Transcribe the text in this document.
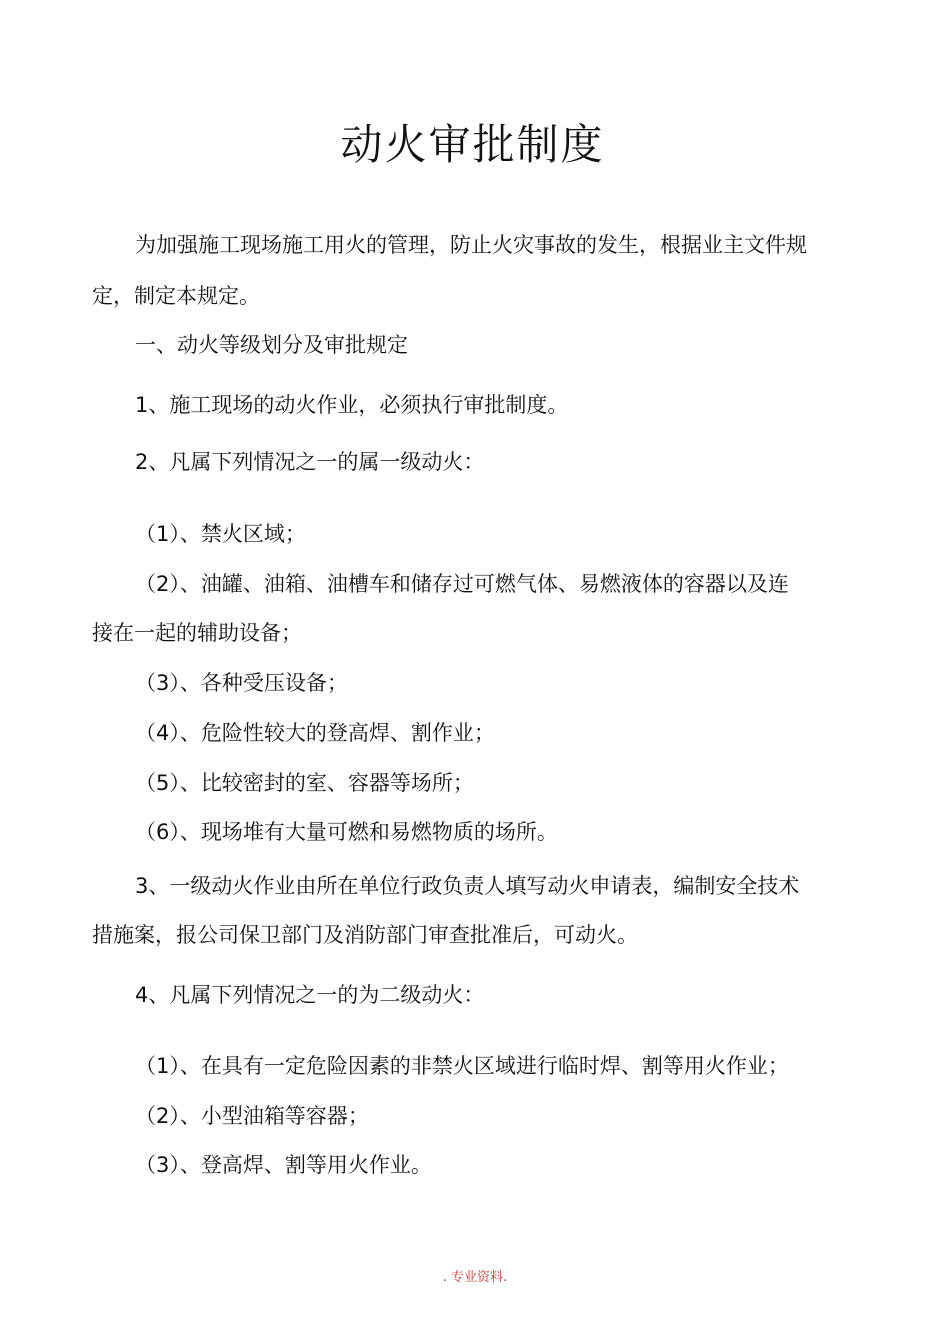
动火审批制度
为加强施工现场施工用火的管理，防止火灾事故的发生，根据业主文件规
定，制定本规定。
一、动火等级划分及审批规定
1、施工现场的动火作业，必须执行审批制度。
2、凡属下列情况之一的属一级动火：
（1）、禁火区域；
（2）、油罐、油箱、油槽车和储存过可燃气体、易燃液体的容器以及连
接在一起的辅助设备；
（3）、各种受压设备；
（4）、危险性较大的登高焊、割作业；
（5）、比较密封的室、容器等场所；
（6）、现场堆有大量可燃和易燃物质的场所。
3、一级动火作业由所在单位行政负责人填写动火申请表，编制安全技术
措施案，报公司保卫部门及消防部门审查批准后，可动火。
4、凡属下列情况之一的为二级动火：
（1）、在具有一定危险因素的非禁火区域进行临时焊、割等用火作业；
（2）、小型油箱等容器；
（3）、登高焊、割等用火作业。
. 专业资料.
